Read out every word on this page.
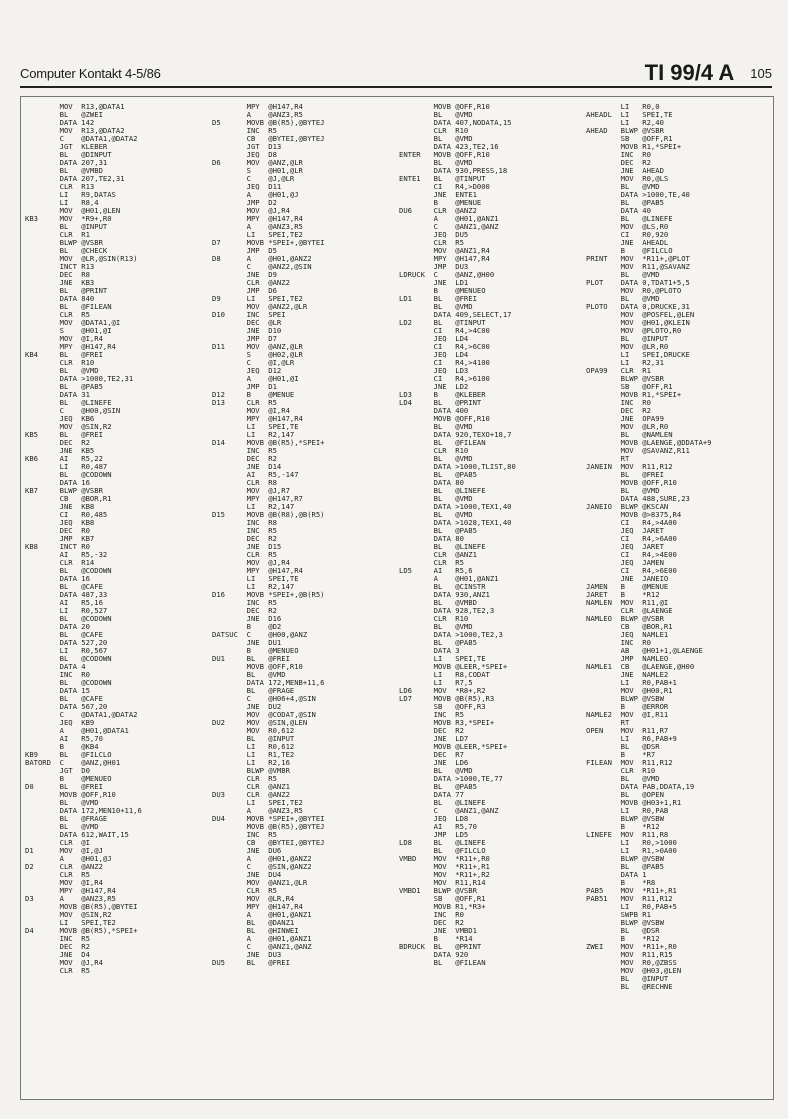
Computer Kontakt 4-5/86	TI 99/4 A 105
MOV  R13,@DATA1
BL   @ZWEI
DATA 142
MOV  R13,@DATA2
C    @DATA1,@DATA2
JGT  KLEBER
BL   @DINPUT
DATA 207,31
BL   @VMBD
DATA 207,TE2,31
CLR  R13
LI   R9,DATAS
LI   R8,4
MOV  @H01,@LEN
KB3     MOV  *R9+,R0
BL   @INPUT
CLR  R1
BLWP @VSBR
BL   @CHECK
MOV  @LR,@SIN(R13)
INCT R13
DEC  R8
JNE  KB3
BL   @PRINT
DATA 840
BL   @FILEAN
CLR  R5
MOV  @DATA1,@I
S    @H01,@I
MOV  @I,R4
MPY  @H147,R4
KB4     BL   @FREI
CLR  R10
BL   @VMD
DATA >1000,TE2,31
BL   @PAB5
DATA 31
BL   @LINEFE
C    @H00,@SIN
JEQ  KB6
MOV  @SIN,R2
KB5     BL   @FREI
DEC  R2
JNE  KB5
KB6     AI   R5,22
LI   R0,487
BL   @CODOWN
DATA 16
KB7     BLWP @VSBR
CB   @BOR,R1
JNE  KB8
CI   R0,485
JEQ  KB8
DEC  R0
JMP  KB7
KB8     INCT R0
AI   R5,-32
CLR  R14
BL   @CODOWN
DATA 16
BL   @CAFE
DATA 487,33
AI   R5,16
LI   R0,527
BL   @CODOWN
DATA 20
BL   @CAFE
DATA 527,20
LI   R0,567
BL   @CODOWN
DATA 4
INC  R0
BL   @CODOWN
DATA 15
BL   @CAFE
DATA 567,20
C    @DATA1,@DATA2
JEQ  KB9
A    @H01,@DATA1
AI   R5,70
B    @KB4
KB9     BL   @FILCLO
BATORD  C    @ANZ,@H01
JGT  D0
B    @MENUEO
D0      BL   @FREI
MOVB @OFF,R10
BL   @VMD
DATA 172,MEN10+11,6
BL   @FRAGE
BL   @VMD
DATA 612,WAIT,15
CLR  @I
D1      MOV  @I,@J
A    @H01,@J
D2      CLR  @ANZ2
CLR  R5
MOV  @I,R4
MPY  @H147,R4
D3      A    @ANZ3,R5
MOVB @B(R5),@BYTEI
MOV  @SIN,R2
LI   SPEI,TE2
D4      MOVB @B(R5),*SPEI+
INC  R5
DEC  R2
JNE  D4
MOV  @J,R4
CLR  R5
MPY  @H147,R4
A    @ANZ3,R5
D5      MOVB @B(R5),@BYTEJ
INC  R5
CB   @BYTEI,@BYTEJ
JGT  D13
JEQ  D8
D6      MOV  @ANZ,@LR
S    @H01,@LR
C    @J,@LR
JEQ  D11
A    @H01,@J
JMP  D2
MOV  @J,R4
MPY  @H147,R4
A    @ANZ3,R5
LI   SPEI,TE2
D7      MOVB *SPEI+,@BYTEI
JMP  D5
D8      A    @H01,@ANZ2
C    @ANZ2,@SIN
JNE  D9
CLR  @ANZ2
JMP  D6
D9      LI   SPEI,TE2
MOV  @ANZ2,@LR
D10     INC  SPEI
DEC  @LR
JNE  D10
JMP  D7
D11     MOV  @ANZ,@LR
S    @H02,@LR
C    @I,@LR
JEQ  D12
A    @H01,@I
JMP  D1
D12     B    @MENUE
D13     CLR  R5
MOV  @I,R4
MPY  @H147,R4
LI   SPEI,TE
LI   R2,147
D14     MOVB @B(R5),*SPEI+
INC  R5
DEC  R2
JNE  D14
AI   R5,-147
CLR  R8
MOV  @J,R7
MPY  @H147,R7
LI   R2,147
D15     MOVB @B(R8),@B(R5)
INC  R8
INC  R5
DEC  R2
JNE  D15
CLR  R5
MOV  @J,R4
MPY  @H147,R4
LI   SPEI,TE
LI   R2,147
D16     MOVB *SPEI+,@B(R5)
INC  R5
DEC  R2
JNE  D16
B    @D2
DATSUC  C    @H00,@ANZ
JNE  DU1
B    @MENUEO
DU1     BL   @FREI
MOVB @OFF,R10
BL   @VMD
DATA 172,MENB+11,6
BL   @FRAGE
C    @H06+4,@SIN
JNE  DU2
MOV  @CODAT,@SIN
DU2     MOV  @SIN,@LEN
MOV  R0,612
BL   @INPUT
LI   R0,612
LI   R1,TE2
LI   R2,16
BLWP @VMBR
CLR  R5
CLR  @ANZ1
DU3     CLR  @ANZ2
LI   SPEI,TE2
A    @ANZ3,R5
DU4     MOVB *SPEI+,@BYTEI
MOVB @B(R5),@BYTEJ
INC  R5
CB   @BYTEI,@BYTEJ
JNE  DU6
A    @H01,@ANZ2
C    @SIN,@ANZ2
JNE  DU4
MOV  @ANZ1,@LR
CLR  R5
MOV  @LR,R4
MPY  @H147,R4
A    @H01,@ANZ1
BL   @DANZ1
BL   @HINWEI
A    @H01,@ANZ1
C    @ANZ1,@ANZ
JNE  DU3
DU5     BL   @FREI
MOVB @OFF,R10
BL   @VMD
DATA 407,NODATA,15
CLR  R10
BL   @VMD
DATA 423,TE2,16
ENTER   MOVB @OFF,R10
BL   @VMD
DATA 930,PRESS,18
ENTE1   BL   @TINPUT
CI   R4,>D000
JNE  ENTE1
B    @MENUE
DU6     CLR  @ANZ2
A    @H01,@ANZ1
C    @ANZ1,@ANZ
JEQ  DU5
CLR  R5
MOV  @ANZ1,R4
MPY  @H147,R4
JMP  DU3
LDRUCK  C    @ANZ,@H00
JNE  LD1
B    @MENUEO
LD1     BL   @FREI
BL   @VMD
DATA 409,SELECT,17
LD2     BL   @TINPUT
CI   R4,>4C00
JEQ  LD4
CI   R4,>6C00
JEQ  LD4
CI   R4,>4100
JEQ  LD3
CI   R4,>6100
JNE  LD2
LD3     B    @KLEBER
LD4     BL   @PRINT
DATA 400
MOVB @OFF,R10
BL   @VMD
DATA 920,TEXO+18,7
BL   @FILEAN
CLR  R10
BL   @VMD
DATA >1000,TLIST,80
BL   @PAB5
DATA 80
BL   @LINEFE
BL   @VMD
DATA >1000,TEX1,40
BL   @VMD
DATA >1028,TEX1,40
BL   @PAB5
DATA 80
BL   @LINEFE
CLR  @ANZ1
CLR  R5
LD5     AI   R5,6
A    @H01,@ANZ1
BL   @CINSTR
DATA 930,ANZ1
BL   @VMBD
DATA 928,TE2,3
CLR  R10
BL   @VMD
DATA >1000,TE2,3
BL   @PAB5
DATA 3
LI   SPEI,TE
MOVB @LEER,*SPEI+
LI   R8,CODAT
LI   R7,5
LD6     MOV  *R8+,R2
LD7     MOVB @B(R5),R3
SB   @OFF,R3
INC  R5
MOVB R3,*SPEI+
DEC  R2
JNE  LD7
MOVB @LEER,*SPEI+
DEC  R7
JNE  LD6
BL   @VMD
DATA >1000,TE,77
BL   @PAB5
DATA 77
BL   @LINEFE
C    @ANZ1,@ANZ
JEQ  LD8
AI   R5,70
JMP  LD5
LD8     BL   @LINEFE
BL   @FILCLO
VMBD    MOV  *R11+,R0
MOV  *R11+,R1
MOV  *R11+,R2
MOV  R11,R14
VMBD1   BLWP @VSBR
SB   @OFF,R1
MOVB R1,*R3+
INC  R0
DEC  R2
JNE  VMBD1
B    *R14
BDRUCK  BL   @PRINT
DATA 920
BL   @FILEAN
LI   R0,0
AHEADL  LI   SPEI,TE
LI   R2,40
AHEAD   BLWP @VSBR
SB   @OFF,R1
MOVB R1,*SPEI+
INC  R0
DEC  R2
JNE  AHEAD
MOV  R0,@LS
BL   @VMD
DATA >1000,TE,40
BL   @PAB5
DATA 40
BL   @LINEFE
MOV  @LS,R0
CI   R0,920
JNE  AHEADL
B    @FILCLO
PRINT   MOV  *R11+,@PLOT
MOV  R11,@SAVANZ
BL   @VMD
PLOT    DATA 0,TDAT1+5,5
MOV  R0,@PLOTO
BL   @VMD
PLOTO   DATA 0,DRUCKE,31
MOV  @POSFEL,@LEN
MOV  @H01,@KLEIN
MOV  @PLOTO,R0
BL   @INPUT
MOV  @LR,R0
LI   SPEI,DRUCKE
LI   R2,31
OPA99   CLR  R1
BLWP @VSBR
SB   @OFF,R1
MOVB R1,*SPEI+
INC  R0
DEC  R2
JNE  OPA99
MOV  @LR,R0
BL   @NAMLEN
MOVB @LAENGE,@DDATA+9
MOV  @SAVANZ,R11
RT
JANEIN  MOV  R11,R12
BL   @FREI
MOVB @OFF,R10
BL   @VMD
DATA 488,SURE,23
JANEIO  BLWP @KSCAN
MOVB @>8375,R4
CI   R4,>4A00
JEQ  JARET
CI   R4,>6A00
JEQ  JARET
CI   R4,>4E00
JEQ  JAMEN
CI   R4,>6E00
JNE  JANEIO
JAMEN   B    @MENUE
JARET   B    *R12
NAMLEN  MOV  R11,@I
CLR  @LAENGE
NAMLEO  BLWP @VSBR
CB   @BOR,R1
JEQ  NAMLE1
INC  R0
AB   @H01+1,@LAENGE
JMP  NAMLEO
NAMLE1  CB   @LAENGE,@H00
JNE  NAMLE2
LI   R0,PAB+1
MOV  @H00,R1
BLWP @VSBW
B    @ERROR
NAMLE2  MOV  @I,R11
RT
OPEN    MOV  R11,R7
LI   R6,PAB+9
BL   @DSR
B    *R7
FILEAN  MOV  R11,R12
CLR  R10
BL   @VMD
DATA PAB,DDATA,19
BL   @OPEN
MOVB @H03+1,R1
LI   R0,PAB
BLWP @VSBW
B    *R12
LINEFE  MOV  R11,R8
LI   R0,>1000
LI   R1,>0A00
BLWP @VSBW
BL   @PAB5
DATA 1
B    *R8
PAB5    MOV  *R11+,R1
PAB51   MOV  R11,R12
LI   R0,PAB+5
SWPB R1
BLWP @VSBW
BL   @DSR
B    *R12
ZWEI    MOV  *R11+,R0
MOV  R11,R15
MOV  R0,@ZBSS
MOV  @H03,@LEN
BL   @INPUT
BL   @RECHNE
